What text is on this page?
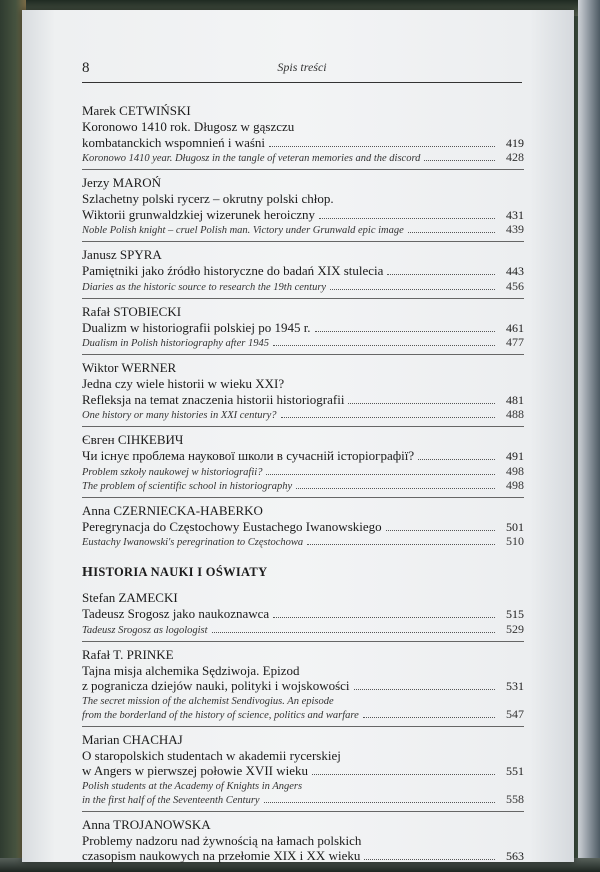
8	Spis treści
Marek CETWIŃSKI
Koronowo 1410 rok. Długosz w gąszczu
kombatanckich wspomnień i waśni	419
Koronowo 1410 year. Długosz in the tangle of veteran memories and the discord	428
Jerzy MAROŃ
Szlachetny polski rycerz – okrutny polski chłop.
Wiktorii grunwaldzkiej wizerunek heroiczny	431
Noble Polish knight – cruel Polish man. Victory under Grunwald epic image	439
Janusz SPYRA
Pamiętniki jako źródło historyczne do badań XIX stulecia	443
Diaries as the historic source to research the 19th century	456
Rafał STOBIECKI
Dualizm w historiografii polskiej po 1945 r.	461
Dualism in Polish historiography after 1945	477
Wiktor WERNER
Jedna czy wiele historii w wieku XXI?
Refleksja na temat znaczenia historii historiografii	481
One history or many histories in XXI century?	488
Євген СІНКЕВИЧ
Чи існує проблема наукової школи в сучасній історіографії?	491
Problem szkoły naukowej w historiografii?	498
The problem of scientific school in historiography	498
Anna CZERNIECKA-HABERKO
Peregrynacja do Częstochowy Eustachego Iwanowskiego	501
Eustachy Iwanowski's peregrination to Częstochowa	510
HISTORIA NAUKI I OŚWIATY
Stefan ZAMECKI
Tadeusz Srogosz jako naukoznawca	515
Tadeusz Srogosz as logologist	529
Rafał T. PRINKE
Tajna misja alchemika Sędziwoja. Epizod
z pogranicza dziejów nauki, polityki i wojskowości	531
The secret mission of the alchemist Sendivogius. An episode
from the borderland of the history of science, politics and warfare	547
Marian CHACHAJ
O staropolskich studentach w akademii rycerskiej
w Angers w pierwszej połowie XVII wieku	551
Polish students at the Academy of Knights in Angers
in the first half of the Seventeenth Century	558
Anna TROJANOWSKA
Problemy nadzoru nad żywnością na łamach polskich
czasopism naukowych na przełomie XIX i XX wieku	563
